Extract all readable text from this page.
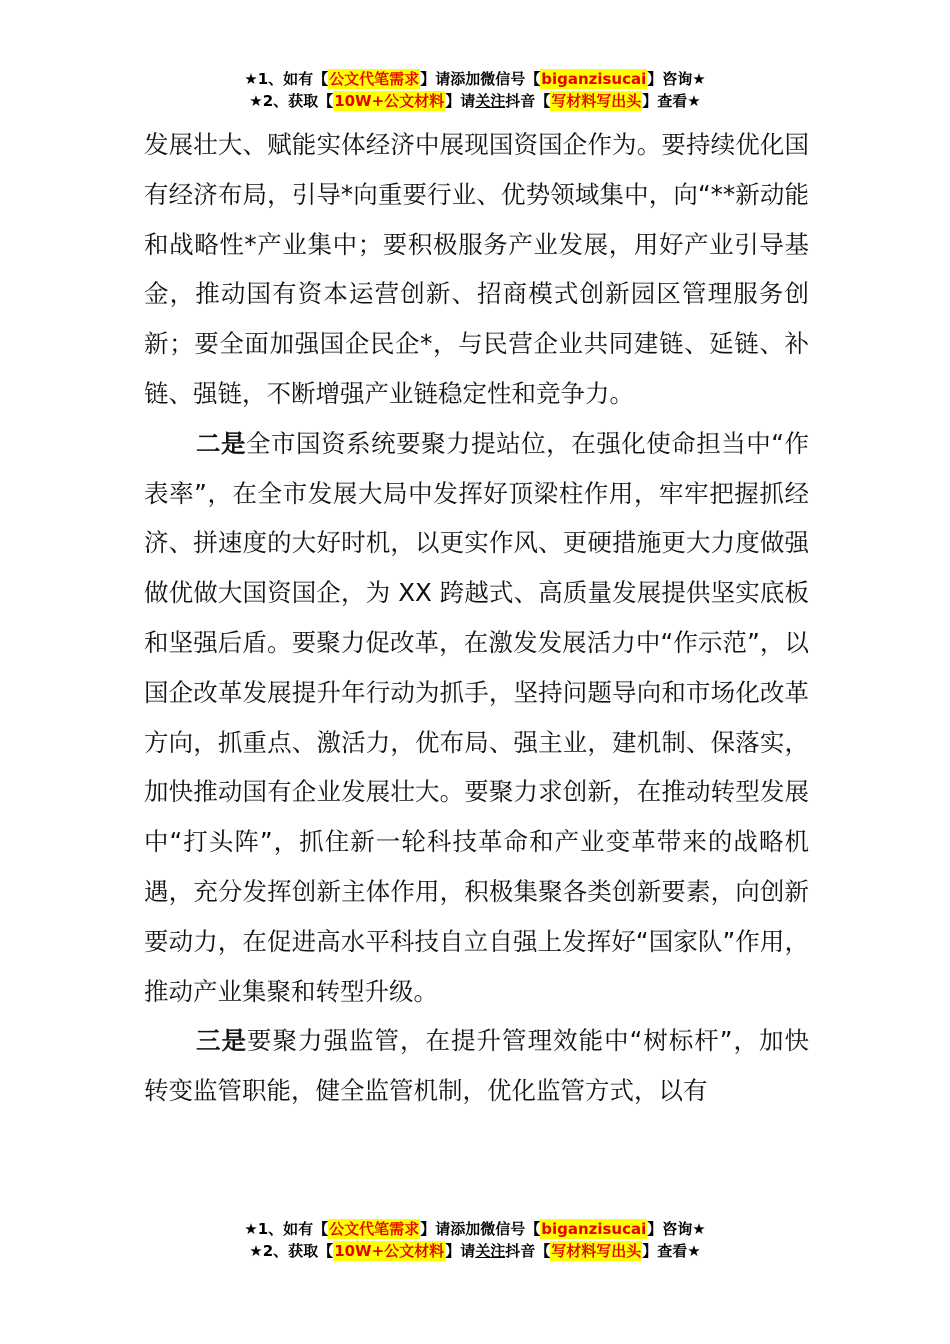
★1、如有【公文代笔需求】请添加微信号【biganzisucai】咨询★
★2、获取【10W+公文材料】请关注抖音【写材料写出头】查看★

发展壮大、赋能实体经济中展现国资国企作为。要持续优化国有经济布局，引导*向重要行业、优势领域集中，向“**新动能和战略性*产业集中；要积极服务产业发展，用好产业引导基金，推动国有资本运营创新、招商模式创新园区管理服务创新；要全面加强国企民企*，与民营企业共同建链、延链、补链、强链，不断增强产业链稳定性和竞争力。

二是全市国资系统要聚力提站位，在强化使命担当中“作表率”，在全市发展大局中发挥好顶梁柱作用，牢牢把握抓经济、拼速度的大好时机，以更实作风、更硬措施更大力度做强做优做大国资国企，为 XX 跨越式、高质量发展提供坚实底板和坚强后盾。要聚力促改革，在激发发展活力中“作示范”，以国企改革发展提升年行动为抓手，坚持问题导向和市场化改革方向，抓重点、激活力，优布局、强主业，建机制、保落实，加快推动国有企业发展壮大。要聚力求创新，在推动转型发展中“打头阵”，抓住新一轮科技革命和产业变革带来的战略机遇，充分发挥创新主体作用，积极集聚各类创新要素，向创新要动力，在促进高水平科技自立自强上发挥好“国家队”作用，推动产业集聚和转型升级。

三是要聚力强监管，在提升管理效能中“树标杆”，加快转变监管职能，健全监管机制，优化监管方式，以有

★1、如有【公文代笔需求】请添加微信号【biganzisucai】咨询★
★2、获取【10W+公文材料】请关注抖音【写材料写出头】查看★
